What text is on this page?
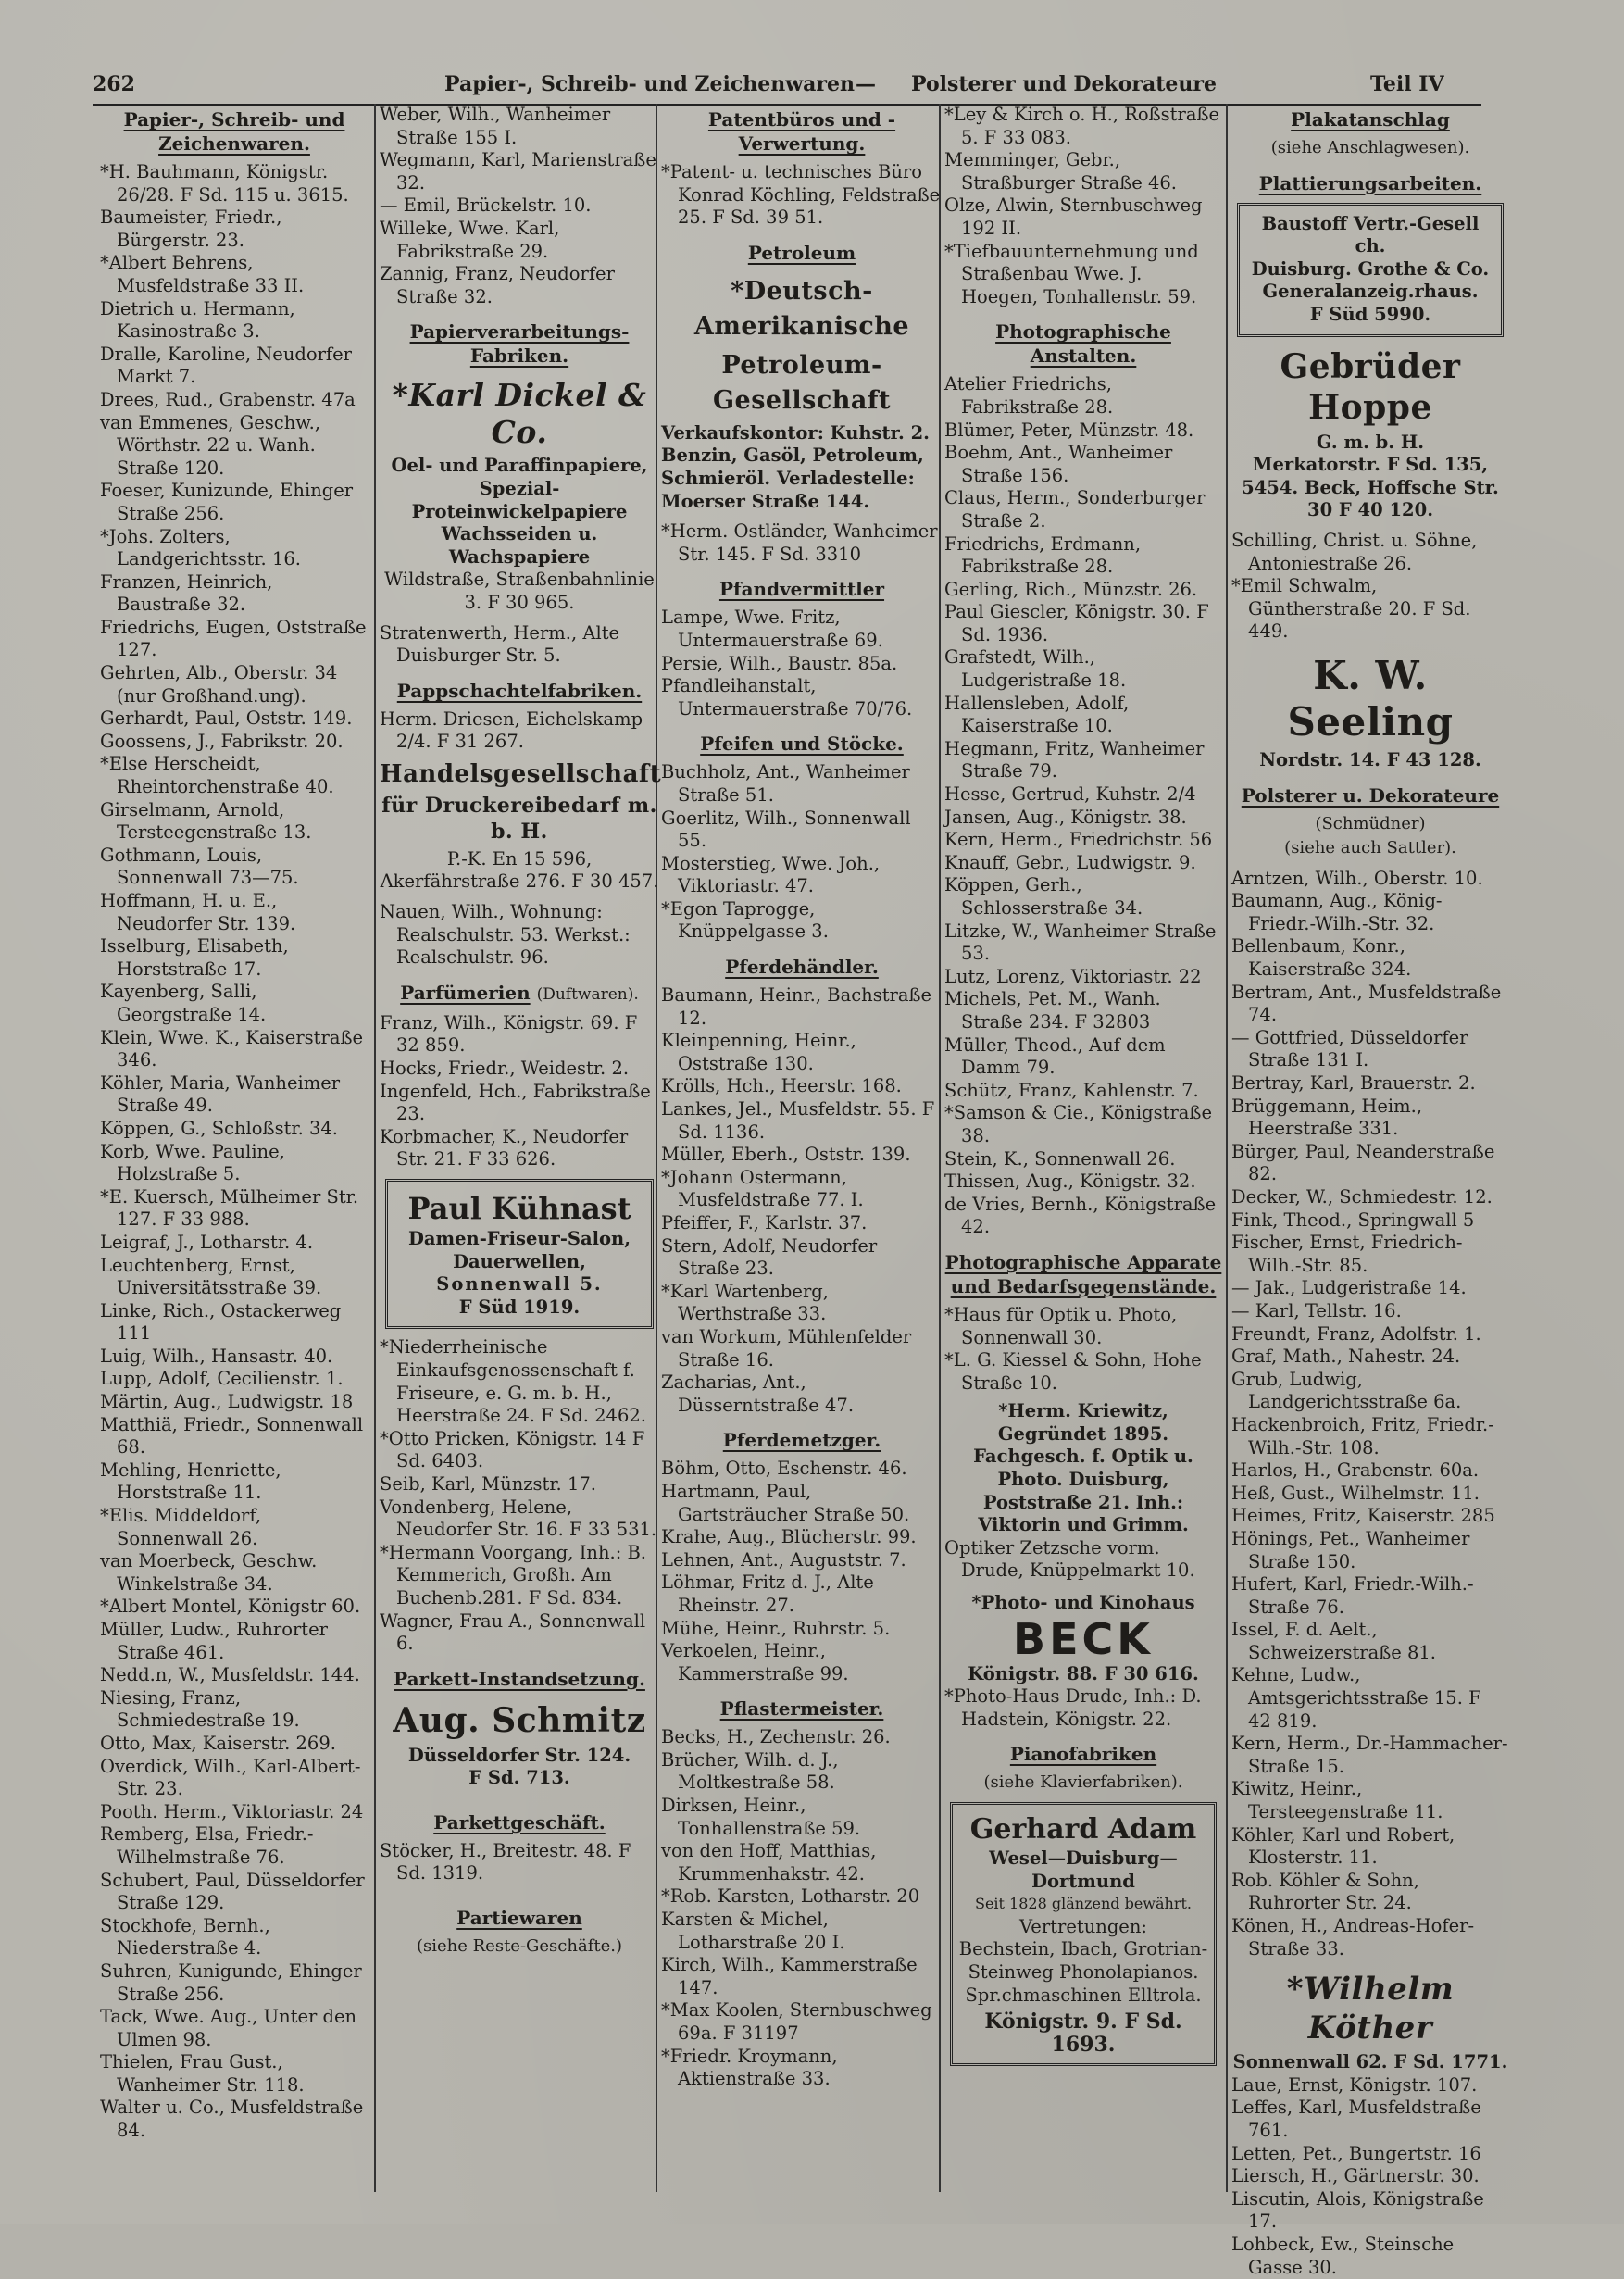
262	Papier-, Schreib- und Zeichenwaren — Polsterer und Dekorateure	Teil IV
Papier-, Schreib- und Zeichenwaren.

*H. Bauhmann, Königstr. 26/28. F Sd. 115 u. 3615.

Baumeister, Friedr., Bürgerstr. 23.

*Albert Behrens, Musfeldstraße 33 II.

Dietrich u. Hermann, Kasinostraße 3.

Dralle, Karoline, Neudorfer Markt 7.

Drees, Rud., Grabenstr. 47a

van Emmenes, Geschw., Wörthstr. 22 u. Wanh. Straße 120.

Foeser, Kunizunde, Ehinger Straße 256.

*Johs. Zolters, Landgerichtsstr. 16.

Franzen, Heinrich, Baustraße 32.

Friedrichs, Eugen, Oststraße 127.

Gehrten, Alb., Oberstr. 34 (nur Großhand.ung).

Gerhardt, Paul, Oststr. 149.

Goossens, J., Fabrikstr. 20.

*Else Herscheidt, Rheintorchenstraße 40.

Girselmann, Arnold, Tersteegenstraße 13.

Gothmann, Louis, Sonnenwall 73—75.

Hoffmann, H. u. E., Neudorfer Str. 139.

Isselburg, Elisabeth, Horststraße 17.

Kayenberg, Salli, Georgstraße 14.

Klein, Wwe. K., Kaiserstraße 346.

Köhler, Maria, Wanheimer Straße 49.

Köppen, G., Schloßstr. 34.

Korb, Wwe. Pauline, Holzstraße 5.

*E. Kuersch, Mülheimer Str. 127. F 33 988.

Leigraf, J., Lotharstr. 4.

Leuchtenberg, Ernst, Universitätsstraße 39.

Linke, Rich., Ostackerweg 111

Luig, Wilh., Hansastr. 40.

Lupp, Adolf, Cecilienstr. 1.

Märtin, Aug., Ludwigstr. 18

Matthiä, Friedr., Sonnenwall 68.

Mehling, Henriette, Horststraße 11.

*Elis. Middeldorf, Sonnenwall 26.

van Moerbeck, Geschw. Winkelstraße 34.

*Albert Montel, Königstr 60.

Müller, Ludw., Ruhrorter Straße 461.

Nedd.n, W., Musfeldstr. 144.

Niesing, Franz, Schmiedestraße 19.

Otto, Max, Kaiserstr. 269.

Overdick, Wilh., Karl-Albert-Str. 23.

Pooth. Herm., Viktoriastr. 24

Remberg, Elsa, Friedr.-Wilhelmstraße 76.

Schubert, Paul, Düsseldorfer Straße 129.

Stockhofe, Bernh., Niederstraße 4.

Suhren, Kunigunde, Ehinger Straße 256.

Tack, Wwe. Aug., Unter den Ulmen 98.

Thielen, Frau Gust., Wanheimer Str. 118.

Walter u. Co., Musfeldstraße 84.

Weber, Wilh., Wanheimer Straße 155 I.

Wegmann, Karl, Marienstraße 32.

— Emil, Brückelstr. 10.

Willeke, Wwe. Karl, Fabrikstraße 29.

Zannig, Franz, Neudorfer Straße 32.

Papierverarbeitungs-Fabriken.
*Karl Dickel & Co.

Oel- und Paraffinpapiere,

Spezial-Proteinwickelpapiere

Wachsseiden u. Wachspapiere

Wildstraße, Straßenbahnlinie 3. F 30 965.

Stratenwerth, Herm., Alte Duisburger Str. 5.

Pappschachtelfabriken.

Herm. Driesen, Eichelskamp 2/4. F 31 267.

Handelsgesellschaft
für Druckereibedarf m. b. H.
P.-K. En 15 596, Akerfährstraße 276. F 30 457.

Nauen, Wilh., Wohnung: Realschulstr. 53. Werkst.: Realschulstr. 96.

Parfümerien (Duftwaren).

Franz, Wilh., Königstr. 69. F 32 859.

Hocks, Friedr., Weidestr. 2.

Ingenfeld, Hch., Fabrikstraße 23.

Korbmacher, K., Neudorfer Str. 21. F 33 626.

Paul Kühnast
Damen-Friseur-Salon,
Dauerwellen,
Sonnenwall 5.
F Süd 1919.

*Niederrheinische Einkaufsgenossenschaft f. Friseure, e. G. m. b. H., Heerstraße 24. F Sd. 2462.

*Otto Pricken, Königstr. 14 F Sd. 6403.

Seib, Karl, Münzstr. 17.

Vondenberg, Helene, Neudorfer Str. 16. F 33 531.

*Hermann Voorgang, Inh.: B. Kemmerich, Großh. Am Buchenb.281. F Sd. 834.

Wagner, Frau A., Sonnenwall 6.

Parkett-Instandsetzung.
Aug. Schmitz
Düsseldorfer Str. 124.
F Sd. 713.
Parkettgeschäft.

Stöcker, H., Breitestr. 48. F Sd. 1319.

Partiewaren
(siehe Reste-Geschäfte.)
Patentbüros und -Verwertung.

*Patent- u. technisches Büro Konrad Köchling, Feldstraße 25. F Sd. 39 51.

Petroleum
*Deutsch-Amerikanische
Petroleum-Gesellschaft
Verkaufskontor: Kuhstr. 2. Benzin, Gasöl, Petroleum, Schmieröl. Verladestelle: Moerser Straße 144.

*Herm. Ostländer, Wanheimer Str. 145. F Sd. 3310

Pfandvermittler

Lampe, Wwe. Fritz, Untermauerstraße 69.

Persie, Wilh., Baustr. 85a.

Pfandleihanstalt, Untermauerstraße 70/76.

Pfeifen und Stöcke.

Buchholz, Ant., Wanheimer Straße 51.

Goerlitz, Wilh., Sonnenwall 55.

Mosterstieg, Wwe. Joh., Viktoriastr. 47.

*Egon Taprogge, Knüppelgasse 3.

Pferdehändler.

Baumann, Heinr., Bachstraße 12.

Kleinpenning, Heinr., Oststraße 130.

Krölls, Hch., Heerstr. 168.

Lankes, Jel., Musfeldstr. 55. F Sd. 1136.

Müller, Eberh., Oststr. 139.

*Johann Ostermann, Musfeldstraße 77. I.

Pfeiffer, F., Karlstr. 37.

Stern, Adolf, Neudorfer Straße 23.

*Karl Wartenberg, Werthstraße 33.

van Workum, Mühlenfelder Straße 16.

Zacharias, Ant., Düsserntstraße 47.

Pferdemetzger.

Böhm, Otto, Eschenstr. 46.

Hartmann, Paul, Gartsträucher Straße 50.

Krahe, Aug., Blücherstr. 99.

Lehnen, Ant., Auguststr. 7.

Löhmar, Fritz d. J., Alte Rheinstr. 27.

Mühe, Heinr., Ruhrstr. 5.

Verkoelen, Heinr., Kammerstraße 99.

Pflastermeister.

Becks, H., Zechenstr. 26.

Brücher, Wilh. d. J., Moltkestraße 58.

Dirksen, Heinr., Tonhallenstraße 59.

von den Hoff, Matthias, Krummenhakstr. 42.

*Rob. Karsten, Lotharstr. 20

Karsten & Michel, Lotharstraße 20 I.

Kirch, Wilh., Kammerstraße 147.

*Max Koolen, Sternbuschweg 69a. F 31197

*Friedr. Kroymann, Aktienstraße 33.

*Ley & Kirch o. H., Roßstraße 5. F 33 083.

Memminger, Gebr., Straßburger Straße 46.

Olze, Alwin, Sternbuschweg 192 II.

*Tiefbauunternehmung und Straßenbau Wwe. J. Hoegen, Tonhallenstr. 59.

Photographische Anstalten.

Atelier Friedrichs, Fabrikstraße 28.

Blümer, Peter, Münzstr. 48.

Boehm, Ant., Wanheimer Straße 156.

Claus, Herm., Sonderburger Straße 2.

Friedrichs, Erdmann, Fabrikstraße 28.

Gerling, Rich., Münzstr. 26.

Paul Giescler, Königstr. 30. F Sd. 1936.

Grafstedt, Wilh., Ludgeristraße 18.

Hallensleben, Adolf, Kaiserstraße 10.

Hegmann, Fritz, Wanheimer Straße 79.

Hesse, Gertrud, Kuhstr. 2/4

Jansen, Aug., Königstr. 38.

Kern, Herm., Friedrichstr. 56

Knauff, Gebr., Ludwigstr. 9.

Köppen, Gerh., Schlosserstraße 34.

Litzke, W., Wanheimer Straße 53.

Lutz, Lorenz, Viktoriastr. 22

Michels, Pet. M., Wanh. Straße 234. F 32803

Müller, Theod., Auf dem Damm 79.

Schütz, Franz, Kahlenstr. 7.

*Samson & Cie., Königstraße 38.

Stein, K., Sonnenwall 26.

Thissen, Aug., Königstr. 32.

de Vries, Bernh., Königstraße 42.

Photographische Apparate und Bedarfsgegenstände.

*Haus für Optik u. Photo, Sonnenwall 30.

*L. G. Kiessel & Sohn, Hohe Straße 10.

*Herm. Kriewitz,
Gegründet 1895.
Fachgesch. f. Optik u. Photo. Duisburg, Poststraße 21. Inh.: Viktorin und Grimm.

Optiker Zetzsche vorm. Drude, Knüppelmarkt 10.

*Photo- und Kinohaus
BECK
Königstr. 88. F 30 616.

*Photo-Haus Drude, Inh.: D. Hadstein, Königstr. 22.

Pianofabriken
(siehe Klavierfabriken).
Gerhard Adam
Wesel—Duisburg—
Dortmund
Seit 1828 glänzend bewährt.
Vertretungen:
Bechstein, Ibach, Grotrian-Steinweg Phonolapianos. Spr.chmaschinen Elltrola.
Königstr. 9. F Sd. 1693.
Plakatanschlag
(siehe Anschlagwesen).
Plattierungsarbeiten.
Baustoff Vertr.-Gesell ch.
Duisburg. Grothe & Co.
Generalanzeig.rhaus.
F Süd 5990.
Gebrüder Hoppe
G. m. b. H.
Merkatorstr. F Sd. 135, 5454. Beck, Hoffsche Str. 30 F 40 120.

Schilling, Christ. u. Söhne, Antoniestraße 26.

*Emil Schwalm, Güntherstraße 20. F Sd. 449.

K. W. Seeling
Nordstr. 14. F 43 128.
Polsterer u. Dekorateure
(Schmüdner)
(siehe auch Sattler).

Arntzen, Wilh., Oberstr. 10.

Baumann, Aug., König-Friedr.-Wilh.-Str. 32.

Bellenbaum, Konr., Kaiserstraße 324.

Bertram, Ant., Musfeldstraße 74.

— Gottfried, Düsseldorfer Straße 131 I.

Bertray, Karl, Brauerstr. 2.

Brüggemann, Heim., Heerstraße 331.

Bürger, Paul, Neanderstraße 82.

Decker, W., Schmiedestr. 12.

Fink, Theod., Springwall 5

Fischer, Ernst, Friedrich-Wilh.-Str. 85.

— Jak., Ludgeristraße 14.

— Karl, Tellstr. 16.

Freundt, Franz, Adolfstr. 1.

Graf, Math., Nahestr. 24.

Grub, Ludwig, Landgerichtsstraße 6a.

Hackenbroich, Fritz, Friedr.-Wilh.-Str. 108.

Harlos, H., Grabenstr. 60a.

Heß, Gust., Wilhelmstr. 11.

Heimes, Fritz, Kaiserstr. 285

Hönings, Pet., Wanheimer Straße 150.

Hufert, Karl, Friedr.-Wilh.-Straße 76.

Issel, F. d. Aelt., Schweizerstraße 81.

Kehne, Ludw., Amtsgerichtsstraße 15. F 42 819.

Kern, Herm., Dr.-Hammacher-Straße 15.

Kiwitz, Heinr., Tersteegenstraße 11.

Köhler, Karl und Robert, Klosterstr. 11.

Rob. Köhler & Sohn, Ruhrorter Str. 24.

Könen, H., Andreas-Hofer-Straße 33.

*Wilhelm Köther
Sonnenwall 62. F Sd. 1771.

Laue, Ernst, Königstr. 107.

Leffes, Karl, Musfeldstraße 761.

Letten, Pet., Bungertstr. 16

Liersch, H., Gärtnerstr. 30.

Liscutin, Alois, Königstraße 17.

Lohbeck, Ew., Steinsche Gasse 30.
